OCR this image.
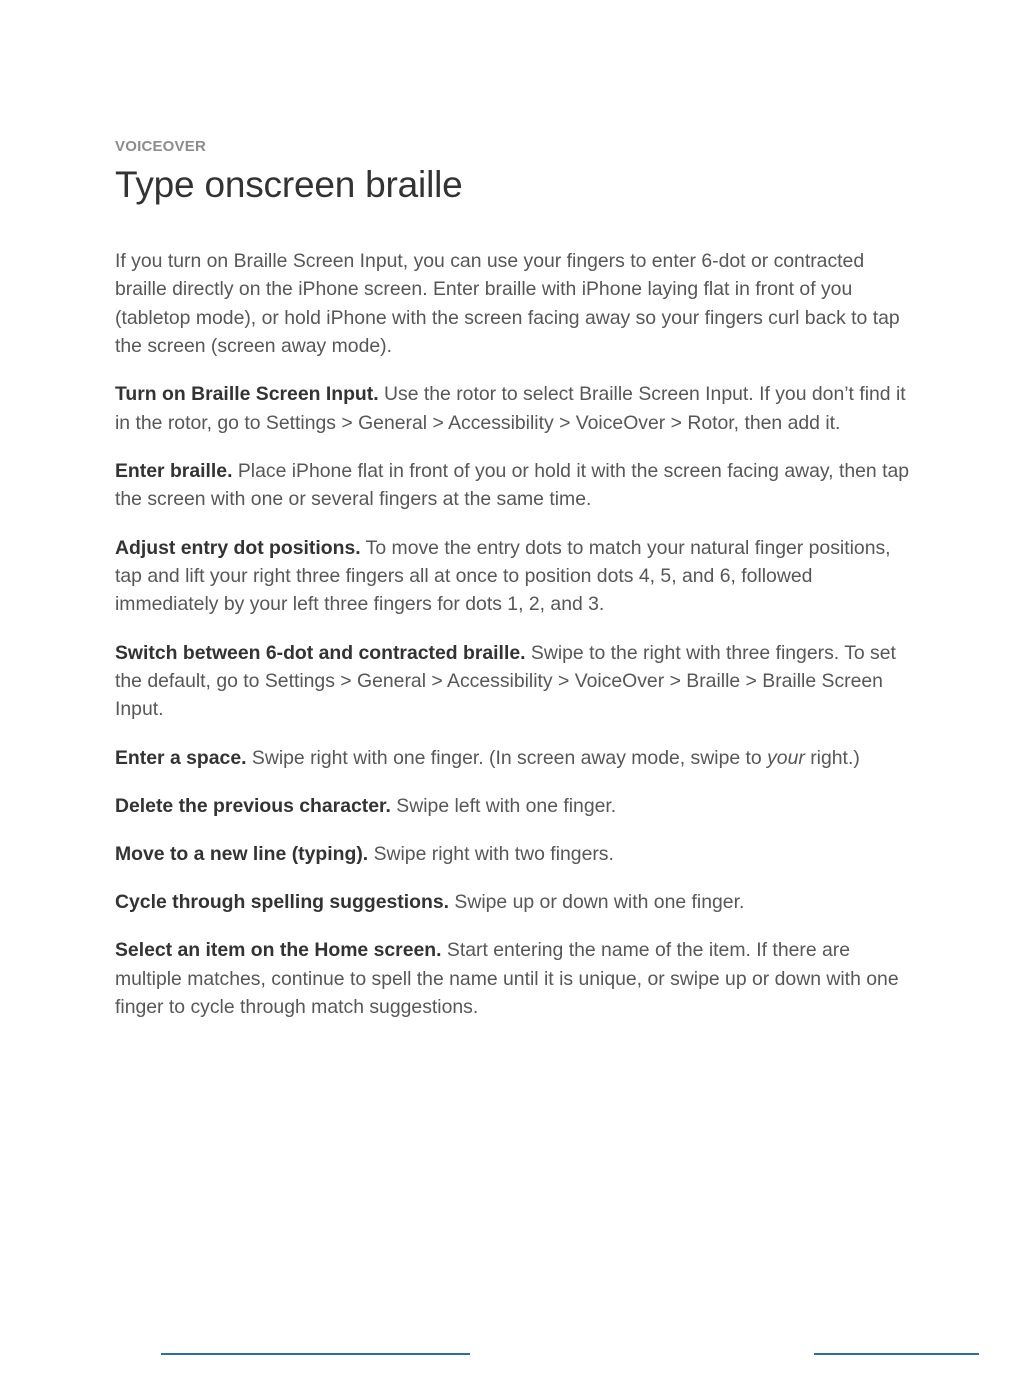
VOICEOVER
Type onscreen braille

If you turn on Braille Screen Input, you can use your fingers to enter 6-dot or contracted braille directly on the iPhone screen. Enter braille with iPhone laying flat in front of you (tabletop mode), or hold iPhone with the screen facing away so your fingers curl back to tap the screen (screen away mode).

Turn on Braille Screen Input. Use the rotor to select Braille Screen Input. If you don’t find it in the rotor, go to Settings > General > Accessibility > VoiceOver > Rotor, then add it.

Enter braille. Place iPhone flat in front of you or hold it with the screen facing away, then tap the screen with one or several fingers at the same time.

Adjust entry dot positions. To move the entry dots to match your natural finger positions, tap and lift your right three fingers all at once to position dots 4, 5, and 6, followed immediately by your left three fingers for dots 1, 2, and 3.

Switch between 6-dot and contracted braille. Swipe to the right with three fingers. To set the default, go to Settings > General > Accessibility > VoiceOver > Braille > Braille Screen Input.

Enter a space. Swipe right with one finger. (In screen away mode, swipe to your right.)

Delete the previous character. Swipe left with one finger.

Move to a new line (typing). Swipe right with two fingers.

Cycle through spelling suggestions. Swipe up or down with one finger.

Select an item on the Home screen. Start entering the name of the item. If there are multiple matches, continue to spell the name until it is unique, or swipe up or down with one finger to cycle through match suggestions.
